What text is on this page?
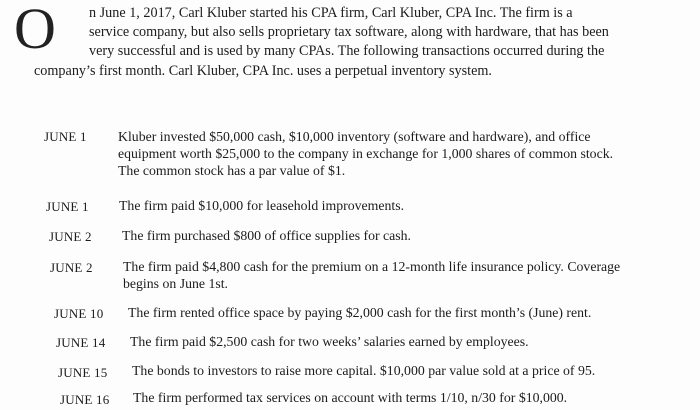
O n June 1, 2017, Carl Kluber started his CPA firm, Carl Kluber, CPA Inc. The firm is a
service company, but also sells proprietary tax software, along with hardware, that has been
very successful and is used by many CPAs. The following transactions occurred during the
company’s first month. Carl Kluber, CPA Inc. uses a perpetual inventory system.
JUNE 1 Kluber invested $50,000 cash, $10,000 inventory (software and hardware), and office
equipment worth $25,000 to the company in exchange for 1,000 shares of common stock.
The common stock has a par value of $1.
JUNE 1 The firm paid $10,000 for leasehold improvements.
JUNE 2 The firm purchased $800 of office supplies for cash.
JUNE 2 The firm paid $4,800 cash for the premium on a 12-month life insurance policy. Coverage
begins on June 1st.
JUNE 10 The firm rented office space by paying $2,000 cash for the first month’s (June) rent.
JUNE 14 The firm paid $2,500 cash for two weeks’ salaries earned by employees.
JUNE 15 The bonds to investors to raise more capital. $10,000 par value sold at a price of 95.
JUNE 16 The firm performed tax services on account with terms 1/10, n/30 for $10,000.
